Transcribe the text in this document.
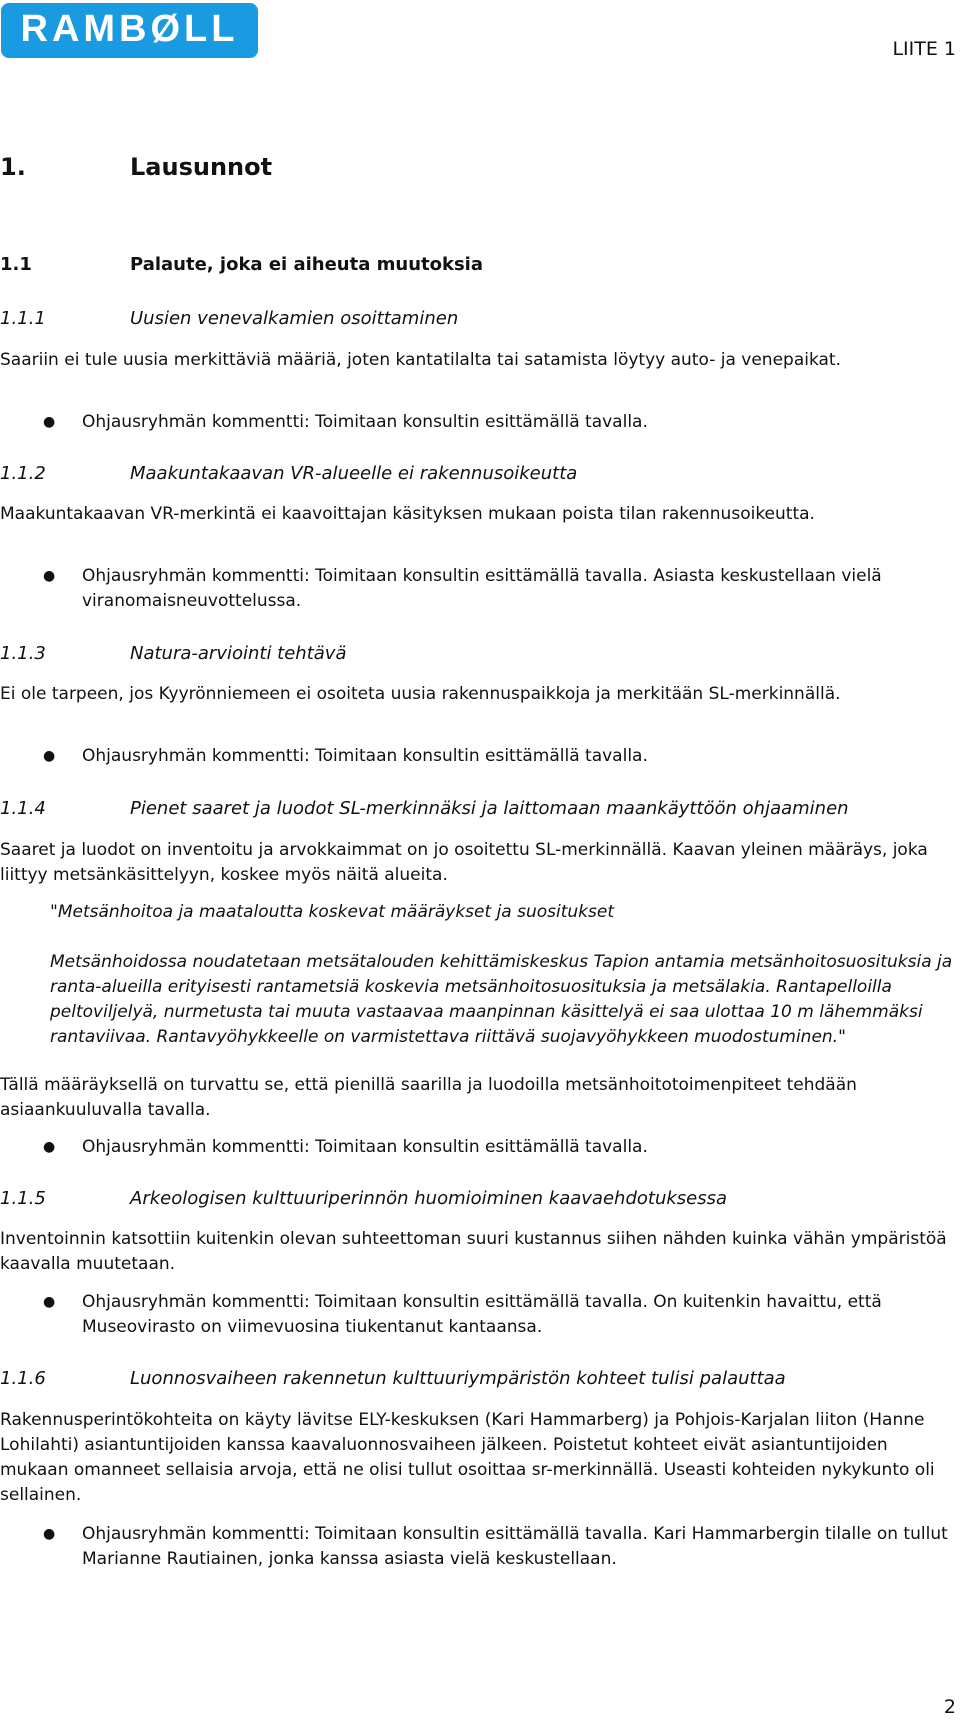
RAMBØLL	LIITE 1
1.	Lausunnot
1.1	Palaute, joka ei aiheuta muutoksia
1.1.1	Uusien venevalkamien osoittaminen
Saariin ei tule uusia merkittäviä määriä, joten kantatilalta tai satamista löytyy auto- ja venepaikat.
● Ohjausryhmän kommentti: Toimitaan konsultin esittämällä tavalla.
1.1.2	Maakuntakaavan VR-alueelle ei rakennusoikeutta
Maakuntakaavan VR-merkintä ei kaavoittajan käsityksen mukaan poista tilan rakennusoikeutta.
● Ohjausryhmän kommentti: Toimitaan konsultin esittämällä tavalla. Asiasta keskustellaan vielä viranomaisneuvottelussa.
1.1.3	Natura-arviointi tehtävä
Ei ole tarpeen, jos Kyyrönniemeen ei osoiteta uusia rakennuspaikkoja ja merkitään SL-merkinnällä.
● Ohjausryhmän kommentti: Toimitaan konsultin esittämällä tavalla.
1.1.4	Pienet saaret ja luodot SL-merkinnäksi ja laittomaan maankäyttöön ohjaaminen
Saaret ja luodot on inventoitu ja arvokkaimmat on jo osoitettu SL-merkinnällä. Kaavan yleinen määräys, joka liittyy metsänkäsittelyyn, koskee myös näitä alueita.
"Metsänhoitoa ja maataloutta koskevat määräykset ja suositukset
Metsänhoidossa noudatetaan metsätalouden kehittämiskeskus Tapion antamia metsänhoitosuosituksia ja ranta-alueilla erityisesti rantametsiä koskevia metsänhoitosuosituksia ja metsälakia. Rantapelloilla peltoviljelyä, nurmetusta tai muuta vastaavaa maanpinnan käsittelyä ei saa ulottaa 10 m lähemmäksi rantaviivaa. Rantavyöhykkeelle on varmistettava riittävä suojavyöhykkeen muodostuminen."
Tällä määräyksellä on turvattu se, että pienillä saarilla ja luodoilla metsänhoitotoimenpiteet tehdään asiaankuuluvalla tavalla.
● Ohjausryhmän kommentti: Toimitaan konsultin esittämällä tavalla.
1.1.5	Arkeologisen kulttuuriperinnön huomioiminen kaavaehdotuksessa
Inventoinnin katsottiin kuitenkin olevan suhteettoman suuri kustannus siihen nähden kuinka vähän ympäristöä kaavalla muutetaan.
● Ohjausryhmän kommentti: Toimitaan konsultin esittämällä tavalla. On kuitenkin havaittu, että Museovirasto on viimevuosina tiukentanut kantaansa.
1.1.6	Luonnosvaiheen rakennetun kulttuuriympäristön kohteet tulisi palauttaa
Rakennusperintökohteita on käyty lävitse ELY-keskuksen (Kari Hammarberg) ja Pohjois-Karjalan liiton (Hanne Lohilahti) asiantuntijoiden kanssa kaavaluonnosvaiheen jälkeen. Poistetut kohteet eivät asiantuntijoiden mukaan omanneet sellaisia arvoja, että ne olisi tullut osoittaa sr-merkinnällä. Useasti kohteiden nykykunto oli sellainen.
● Ohjausryhmän kommentti: Toimitaan konsultin esittämällä tavalla. Kari Hammarbergin tilalle on tullut Marianne Rautiainen, jonka kanssa asiasta vielä keskustellaan.
2
